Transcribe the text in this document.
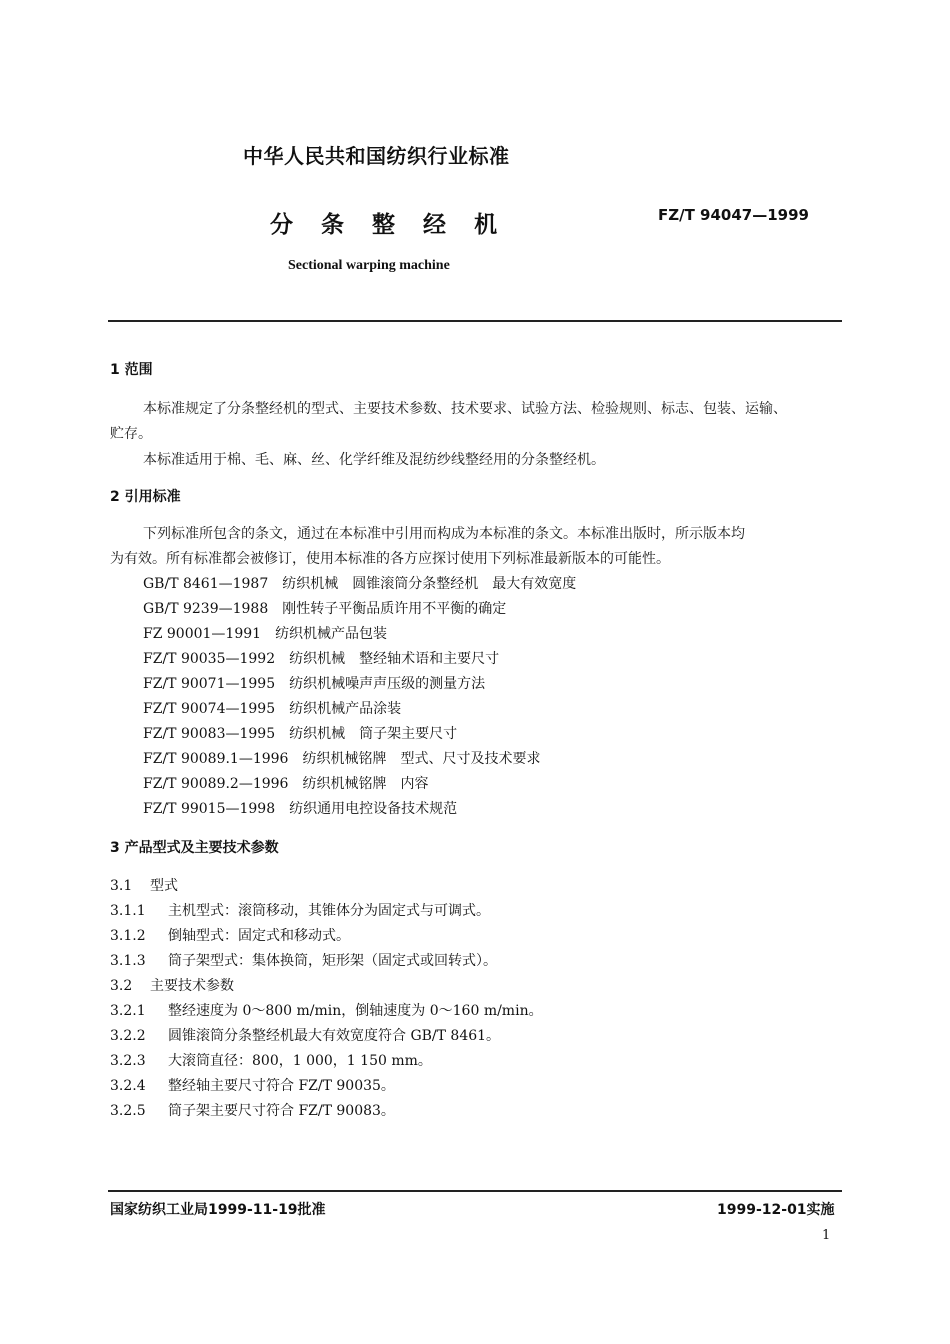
中华人民共和国纺织行业标准
分 条 整 经 机	FZ/T 94047—1999
Sectional warping machine
1 范围
本标准规定了分条整经机的型式、主要技术参数、技术要求、试验方法、检验规则、标志、包装、运输、
贮存。
本标准适用于棉、毛、麻、丝、化学纤维及混纺纱线整经用的分条整经机。
2 引用标准
下列标准所包含的条文，通过在本标准中引用而构成为本标准的条文。本标准出版时，所示版本均
为有效。所有标准都会被修订，使用本标准的各方应探讨使用下列标准最新版本的可能性。
GB/T 8461—1987　 纺织机械　圆锥滚筒分条整经机　最大有效宽度
GB/T 9239—1988　 刚性转子平衡品质许用不平衡的确定
FZ 90001—1991　 纺织机械产品包装
FZ/T 90035—1992　 纺织机械　整经轴术语和主要尺寸
FZ/T 90071—1995　 纺织机械噪声声压级的测量方法
FZ/T 90074—1995　 纺织机械产品涂装
FZ/T 90083—1995　 纺织机械　筒子架主要尺寸
FZ/T 90089.1—1996　 纺织机械铭牌　型式、尺寸及技术要求
FZ/T 90089.2—1996　 纺织机械铭牌　内容
FZ/T 99015—1998　 纺织通用电控设备技术规范
3 产品型式及主要技术参数
3.1 型式
3.1.1 主机型式：滚筒移动，其锥体分为固定式与可调式。
3.1.2 倒轴型式：固定式和移动式。
3.1.3 筒子架型式：集体换筒，矩形架（固定式或回转式）。
3.2 主要技术参数
3.2.1 整经速度为 0～800 m/min，倒轴速度为 0～160 m/min。
3.2.2 圆锥滚筒分条整经机最大有效宽度符合 GB/T 8461。
3.2.3 大滚筒直径：800，1 000，1 150 mm。
3.2.4 整经轴主要尺寸符合 FZ/T 90035。
3.2.5 筒子架主要尺寸符合 FZ/T 90083。
国家纺织工业局1999-11-19批准	1999-12-01实施
1
